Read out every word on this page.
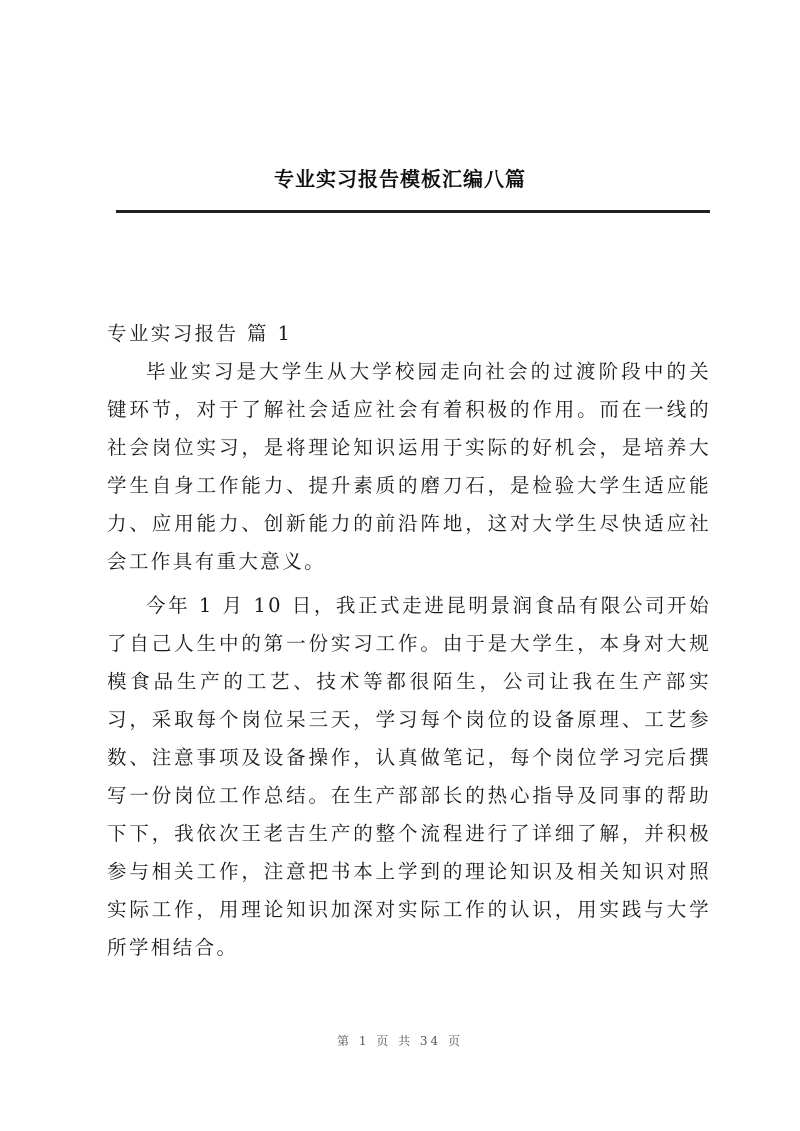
专业实习报告模板汇编八篇

专业实习报告 篇 1

毕业实习是大学生从大学校园走向社会的过渡阶段中的关键环节，对于了解社会适应社会有着积极的作用。而在一线的社会岗位实习，是将理论知识运用于实际的好机会，是培养大学生自身工作能力、提升素质的磨刀石，是检验大学生适应能力、应用能力、创新能力的前沿阵地，这对大学生尽快适应社会工作具有重大意义。

今年 1 月 10 日，我正式走进昆明景润食品有限公司开始了自己人生中的第一份实习工作。由于是大学生，本身对大规模食品生产的工艺、技术等都很陌生，公司让我在生产部实习，采取每个岗位呆三天，学习每个岗位的设备原理、工艺参数、注意事项及设备操作，认真做笔记，每个岗位学习完后撰写一份岗位工作总结。在生产部部长的热心指导及同事的帮助下下，我依次王老吉生产的整个流程进行了详细了解，并积极参与相关工作，注意把书本上学到的理论知识及相关知识对照实际工作，用理论知识加深对实际工作的认识，用实践与大学所学相结合。

第 1 页 共 34 页
